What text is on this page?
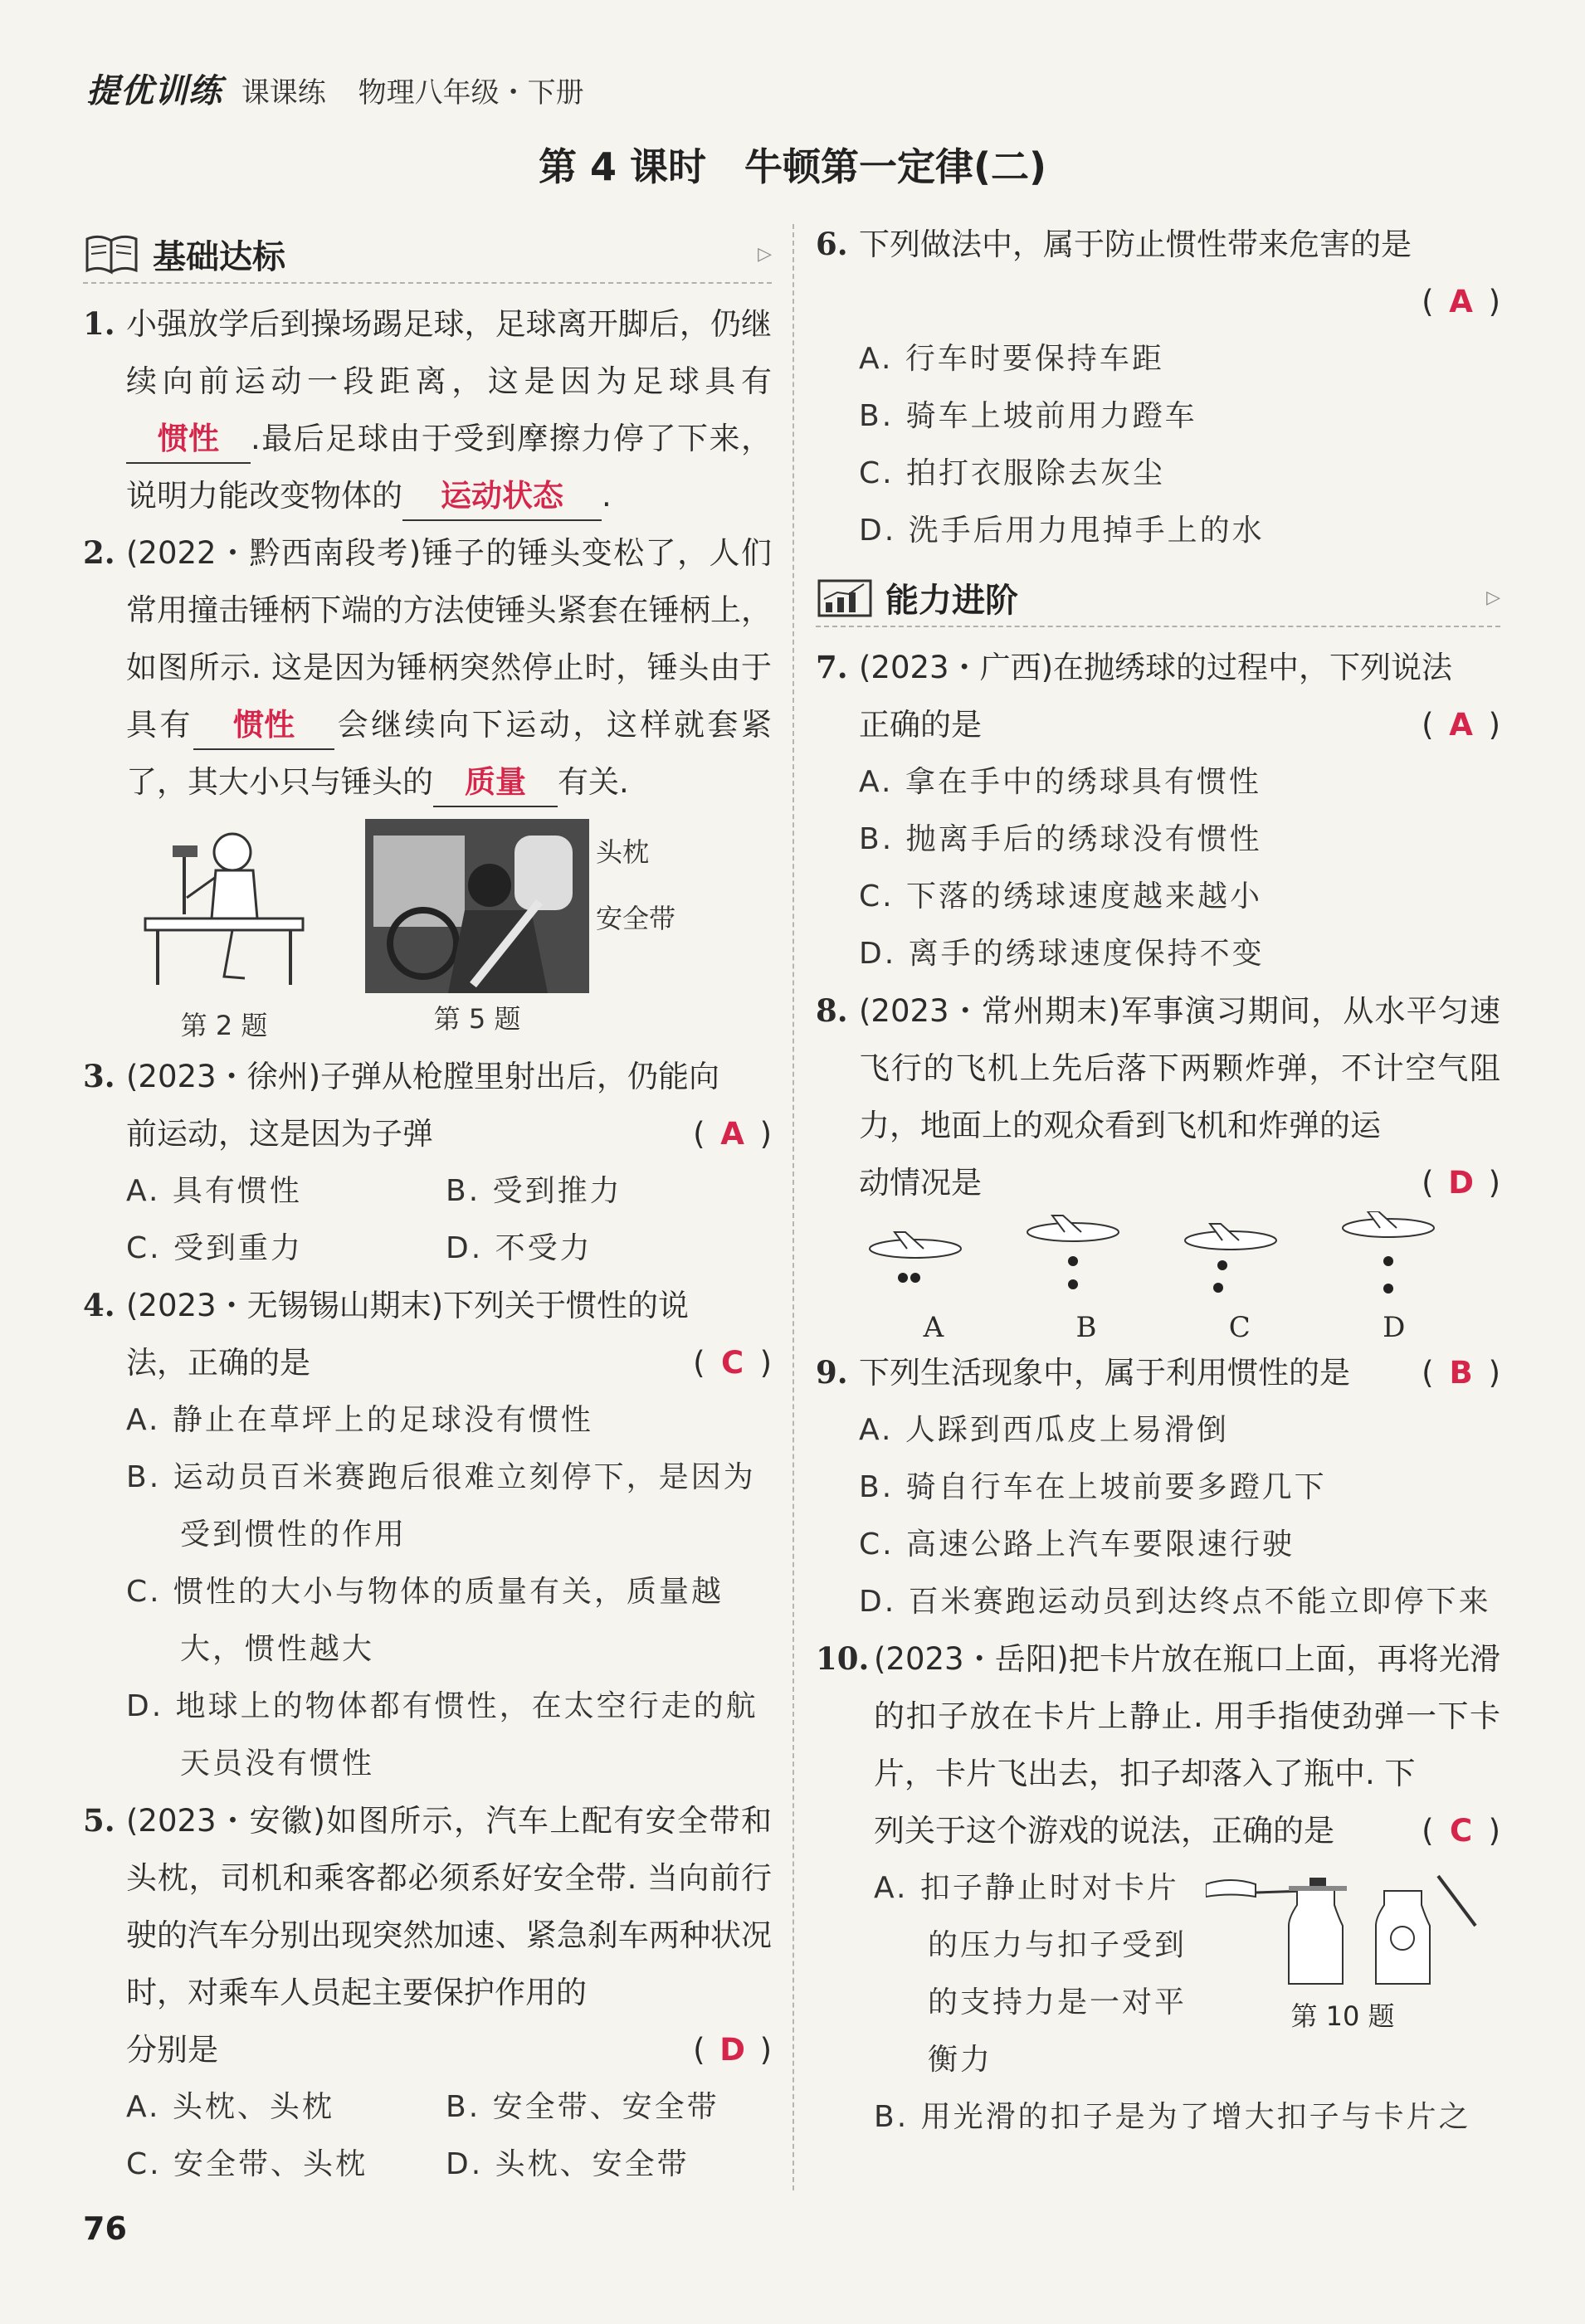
提优训练 课课练 物理八年级・下册
第 4 课时　牛顿第一定律(二)
基础达标	▷
1. 小强放学后到操场踢足球，足球离开脚后，仍继续向前运动一段距离，这是因为足球具有惯性 .最后足球由于受到摩擦力停了下来，说明力能改变物体的 运动状态 .
2. (2022・黔西南段考)锤子的锤头变松了，人们常用撞击锤柄下端的方法使锤头紧套在锤柄上，如图所示. 这是因为锤柄突然停止时，锤头由于具有 惯性 会继续向下运动，这样就套紧了，其大小只与锤头的 质量 有关.
第 2 题
头枕
安全带
第 5 题
3. (2023・徐州)子弹从枪膛里射出后，仍能向
前运动，这是因为子弹	( A )
A. 具有惯性	B. 受到推力
C. 受到重力	D. 不受力
4. (2023・无锡锡山期末)下列关于惯性的说
法，正确的是	( C )
A. 静止在草坪上的足球没有惯性
B. 运动员百米赛跑后很难立刻停下，是因为
受到惯性的作用
C. 惯性的大小与物体的质量有关，质量越
大，惯性越大
D. 地球上的物体都有惯性，在太空行走的航
天员没有惯性
5. (2023・安徽)如图所示，汽车上配有安全带和头枕，司机和乘客都必须系好安全带. 当向前行驶的汽车分别出现突然加速、紧急刹车两种状况时，对乘车人员起主要保护作用的
分别是	( D )
A. 头枕、头枕	B. 安全带、安全带
C. 安全带、头枕	D. 头枕、安全带
6. 下列做法中，属于防止惯性带来危害的是
( A )
A. 行车时要保持车距
B. 骑车上坡前用力蹬车
C. 拍打衣服除去灰尘
D. 洗手后用力甩掉手上的水
能力进阶	▷
7. (2023・广西)在抛绣球的过程中，下列说法
正确的是	( A )
A. 拿在手中的绣球具有惯性
B. 抛离手后的绣球没有惯性
C. 下落的绣球速度越来越小
D. 离手的绣球速度保持不变
8. (2023・常州期末)军事演习期间，从水平匀速飞行的飞机上先后落下两颗炸弹，不计空气阻力，地面上的观众看到飞机和炸弹的运
动情况是	( D )
A	B	C	D
9. 下列生活现象中，属于利用惯性的是	( B )
A. 人踩到西瓜皮上易滑倒
B. 骑自行车在上坡前要多蹬几下
C. 高速公路上汽车要限速行驶
D. 百米赛跑运动员到达终点不能立即停下来
10. (2023・岳阳)把卡片放在瓶口上面，再将光滑的扣子放在卡片上静止. 用手指使劲弹一下卡片，卡片飞出去，扣子却落入了瓶中. 下
列关于这个游戏的说法，正确的是	( C )
A. 扣子静止时对卡片
的压力与扣子受到
的支持力是一对平
衡力
第 10 题
B. 用光滑的扣子是为了增大扣子与卡片之
76
